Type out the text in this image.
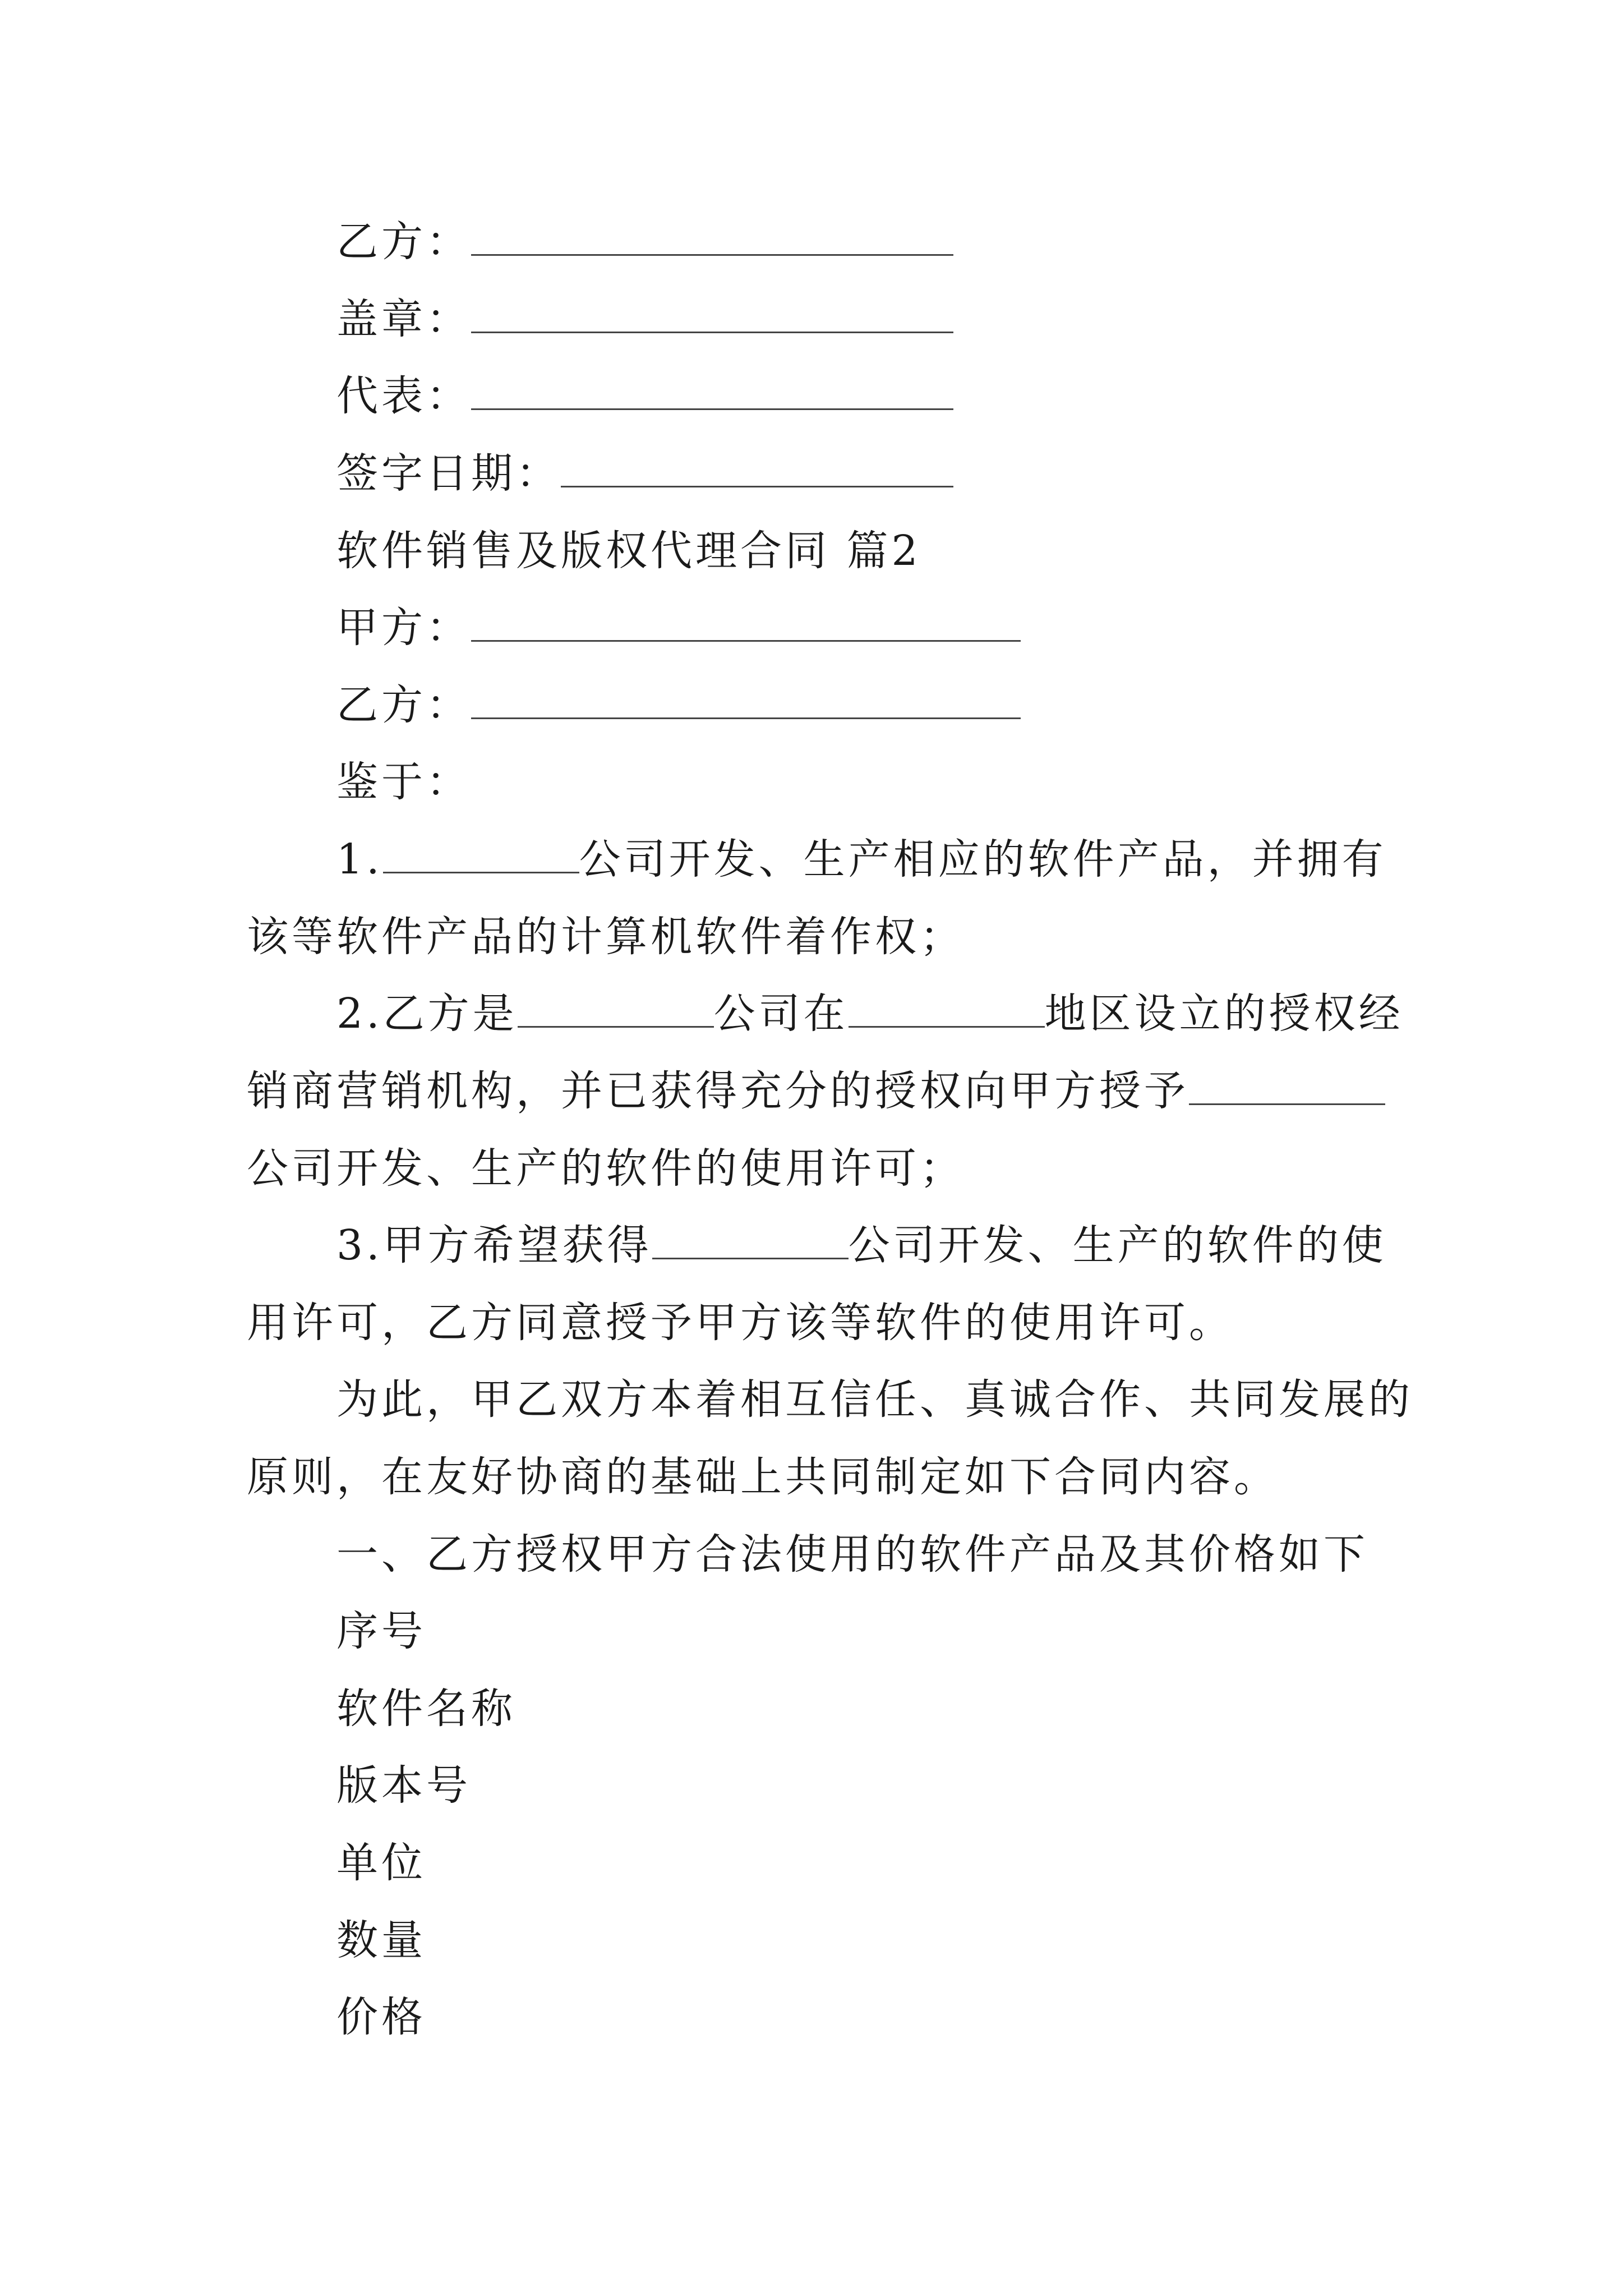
乙方：
盖章：
代表：
签字日期：
软件销售及版权代理合同 篇2
甲方：
乙方：
鉴于：
1.	公司开发、生产相应的软件产品，并拥有
该等软件产品的计算机软件着作权；
2.乙方是	公司在	地区设立的授权经
销商营销机构，并已获得充分的授权向甲方授予
公司开发、生产的软件的使用许可；
3.甲方希望获得	公司开发、生产的软件的使
用许可，乙方同意授予甲方该等软件的使用许可。
为此，甲乙双方本着相互信任、真诚合作、共同发展的
原则，在友好协商的基础上共同制定如下合同内容。
一、乙方授权甲方合法使用的软件产品及其价格如下
序号
软件名称
版本号
单位
数量
价格
